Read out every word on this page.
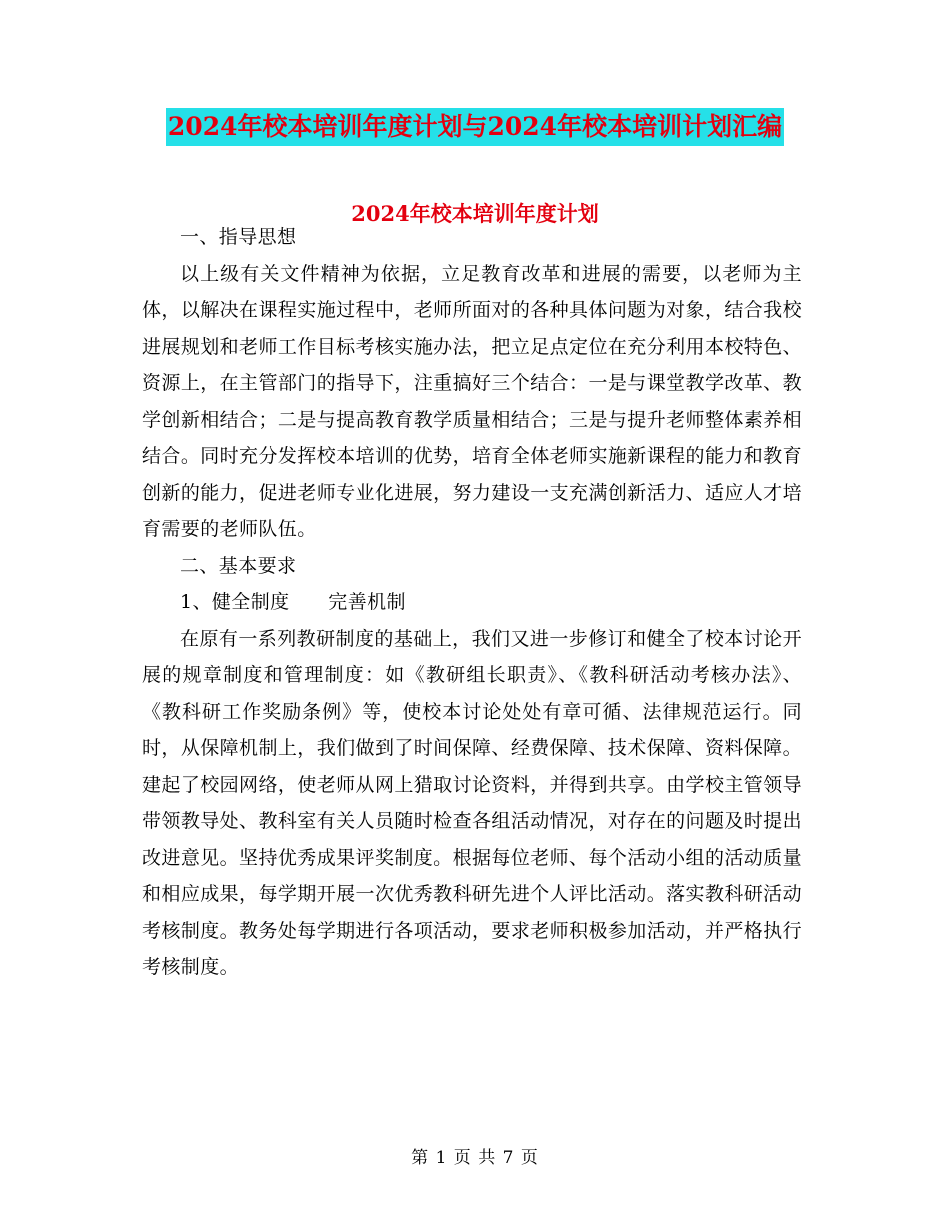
2024年校本培训年度计划与2024年校本培训计划汇编
2024年校本培训年度计划

一、指导思想

以上级有关文件精神为依据，立足教育改革和进展的需要，以老师为主体，以解决在课程实施过程中，老师所面对的各种具体问题为对象，结合我校进展规划和老师工作目标考核实施办法，把立足点定位在充分利用本校特色、资源上，在主管部门的指导下，注重搞好三个结合：一是与课堂教学改革、教学创新相结合；二是与提高教育教学质量相结合；三是与提升老师整体素养相结合。同时充分发挥校本培训的优势，培育全体老师实施新课程的能力和教育创新的能力，促进老师专业化进展，努力建设一支充满创新活力、适应人才培育需要的老师队伍。

二、基本要求

1、健全制度　　完善机制

在原有一系列教研制度的基础上，我们又进一步修订和健全了校本讨论开展的规章制度和管理制度：如《教研组长职责》、《教科研活动考核办法》、《教科研工作奖励条例》等，使校本讨论处处有章可循、法律规范运行。同时，从保障机制上，我们做到了时间保障、经费保障、技术保障、资料保障。建起了校园网络，使老师从网上猎取讨论资料，并得到共享。由学校主管领导带领教导处、教科室有关人员随时检查各组活动情况，对存在的问题及时提出改进意见。坚持优秀成果评奖制度。根据每位老师、每个活动小组的活动质量和相应成果，每学期开展一次优秀教科研先进个人评比活动。落实教科研活动考核制度。教务处每学期进行各项活动，要求老师积极参加活动，并严格执行考核制度。

第 1 页 共 7 页
